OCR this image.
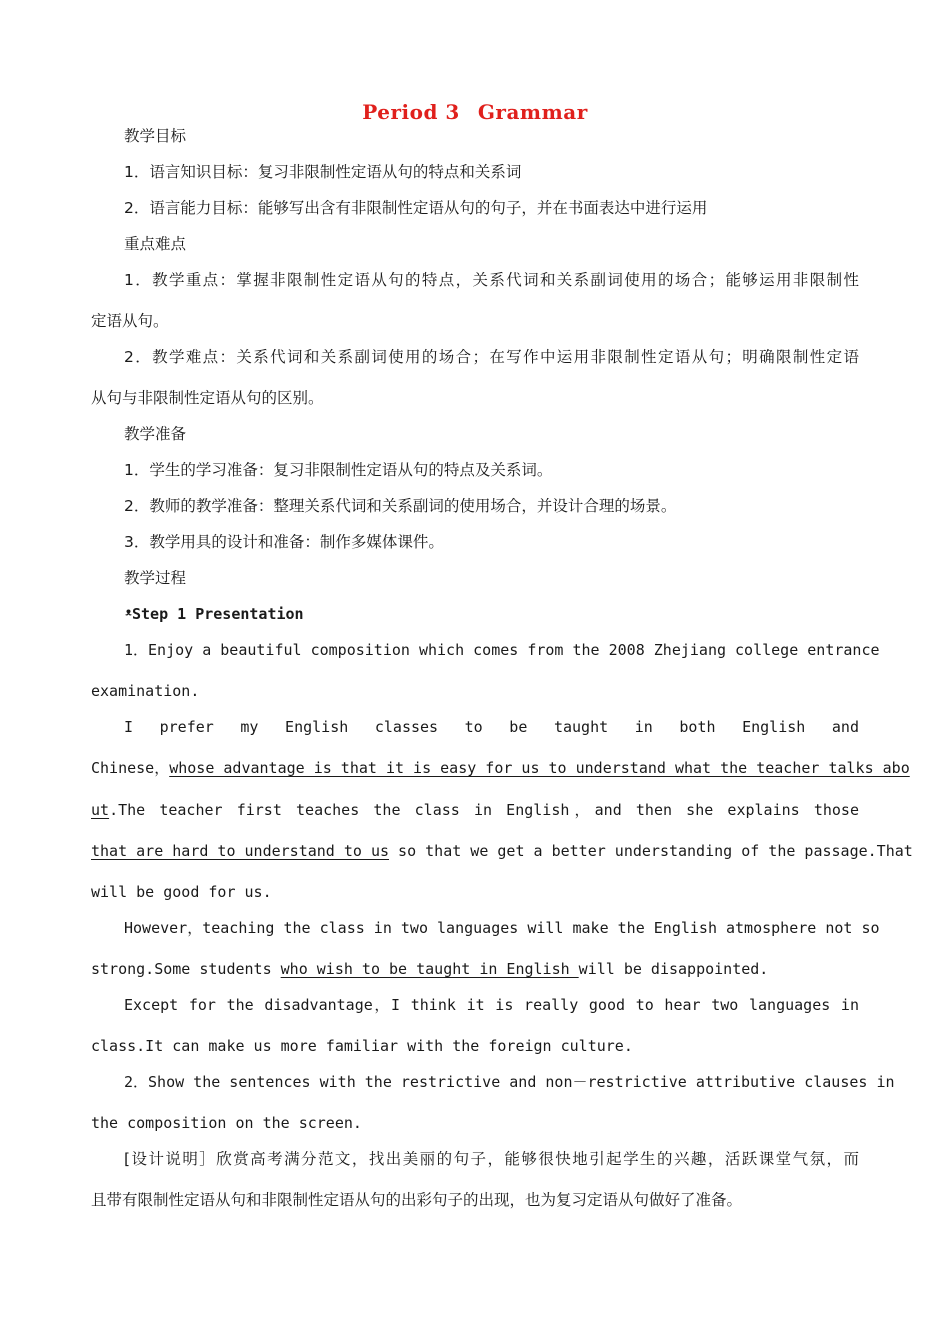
Period 3 Grammar
教学目标
1．语言知识目标：复习非限制性定语从句的特点和关系词
2．语言能力目标：能够写出含有非限制性定语从句的句子，并在书面表达中进行运用
重点难点
1．教学重点：掌握非限制性定语从句的特点，关系代词和关系副词使用的场合；能够运用非限制性
定语从句。
2．教学难点：关系代词和关系副词使用的场合；在写作中运用非限制性定语从句；明确限制性定语
从句与非限制性定语从句的区别。
教学准备
1．学生的学习准备：复习非限制性定语从句的特点及关系词。
2．教师的教学准备：整理关系代词和关系副词的使用场合，并设计合理的场景。
3．教学用具的设计和准备：制作多媒体课件。
教学过程
ᵜStep 1 Presentation
1．Enjoy a beautiful composition which comes from the 2008 Zhejiang college entrance
examination.
I prefer my English classes to be taught in both English and
Chinese，whose advantage is that it is easy for us to understand what the teacher talks abo
ut.The teacher first teaches the class in English，and then she explains those
that are hard to understand to us so that we get a better understanding of the passage.That
will be good for us.
However，teaching the class in two languages will make the English atmosphere not so
strong.Some students who wish to be taught in English will be disappointed.
Except for the disadvantage，I think it is really good to hear two languages in
class.It can make us more familiar with the foreign culture.
2．Show the sentences with the restrictive and non－restrictive attributive clauses in
the composition on the screen.
[设计说明］欣赏高考满分范文，找出美丽的句子，能够很快地引起学生的兴趣，活跃课堂气氛，而
且带有限制性定语从句和非限制性定语从句的出彩句子的出现，也为复习定语从句做好了准备。
